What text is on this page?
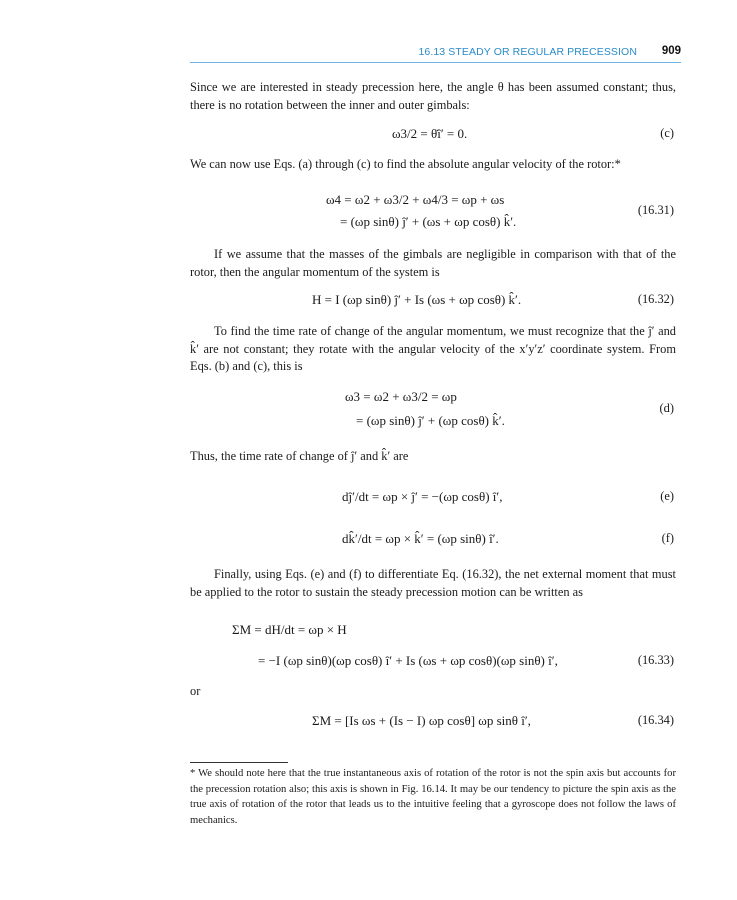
16.13 STEADY OR REGULAR PRECESSION 909

Since we are interested in steady precession here, the angle θ has been assumed constant; thus, there is no rotation between the inner and outer gimbals:

ω3/2 = θ̇î′ = 0.	(c)

We can now use Eqs. (a) through (c) to find the absolute angular velocity of the rotor:*

ω4 = ω2 + ω3/2 + ω4/3 = ωp + ωs
= (ωp sinθ) ĵ′ + (ωs + ωp cosθ) k̂′.
(16.31)

If we assume that the masses of the gimbals are negligible in comparison with that of the rotor, then the angular momentum of the system is

H = I (ωp sinθ) ĵ′ + Is (ωs + ωp cosθ) k̂′.	(16.32)

To find the time rate of change of the angular momentum, we must recognize that the ĵ′ and k̂′ are not constant; they rotate with the angular velocity of the x′y′z′ coordinate system. From Eqs. (b) and (c), this is

ω3 = ω2 + ω3/2 = ωp
= (ωp sinθ) ĵ′ + (ωp cosθ) k̂′.
(d)

Thus, the time rate of change of ĵ′ and k̂′ are

dĵ′/dt = ωp × ĵ′ = −(ωp cosθ) î′,	(e)
dk̂′/dt = ωp × k̂′ = (ωp sinθ) î′.	(f)

Finally, using Eqs. (e) and (f) to differentiate Eq. (16.32), the net external moment that must be applied to the rotor to sustain the steady precession motion can be written as

ΣM = dH/dt = ωp × H
= −I (ωp sinθ)(ωp cosθ) î′ + Is (ωs + ωp cosθ)(ωp sinθ) î′,	(16.33)

or

ΣM = [Is ωs + (Is − I) ωp cosθ] ωp sinθ î′,	(16.34)

* We should note here that the true instantaneous axis of rotation of the rotor is not the spin axis but accounts for the precession rotation also; this axis is shown in Fig. 16.14. It may be our tendency to picture the spin axis as the true axis of rotation of the rotor that leads us to the intuitive feeling that a gyroscope does not follow the laws of mechanics.
